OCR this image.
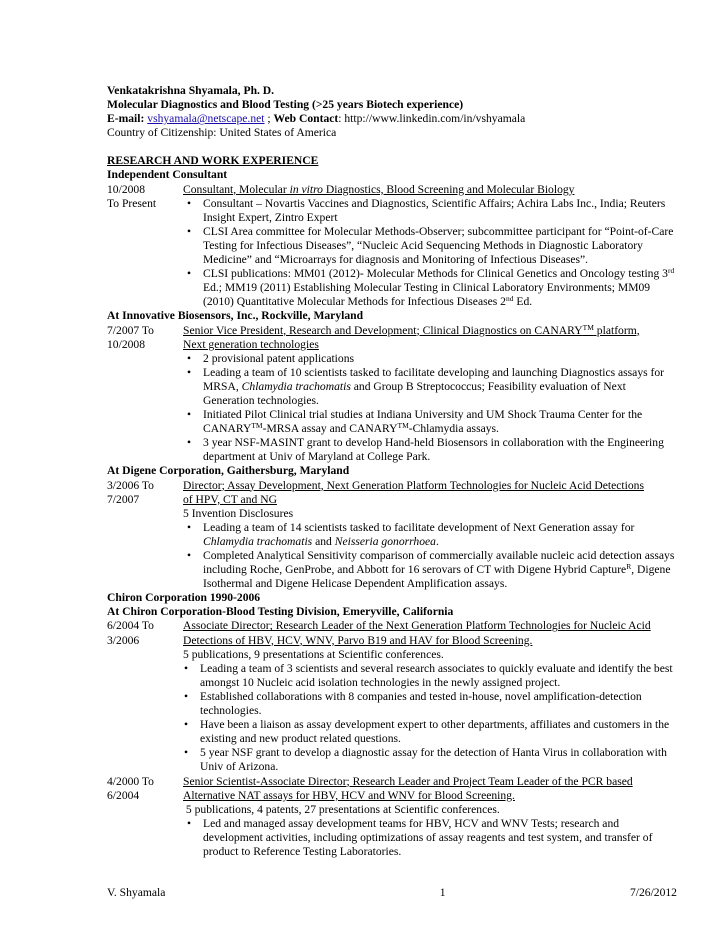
Venkatakrishna Shyamala, Ph. D.
Molecular Diagnostics and Blood Testing (>25 years Biotech experience)
E-mail: vshyamala@netscape.net ; Web Contact: http://www.linkedin.com/in/vshyamala
Country of Citizenship: United States of America
RESEARCH AND WORK EXPERIENCE
Independent Consultant
10/2008
To Present
Consultant, Molecular in vitro Diagnostics, Blood Screening and Molecular Biology
• Consultant – Novartis Vaccines and Diagnostics, Scientific Affairs; Achira Labs Inc., India; Reuters Insight Expert, Zintro Expert
• CLSI Area committee for Molecular Methods-Observer; subcommittee participant for “Point-of-Care Testing for Infectious Diseases”, “Nucleic Acid Sequencing Methods in Diagnostic Laboratory Medicine” and “Microarrays for diagnosis and Monitoring of Infectious Diseases”.
• CLSI publications: MM01 (2012)- Molecular Methods for Clinical Genetics and Oncology testing 3rd Ed.; MM19 (2011) Establishing Molecular Testing in Clinical Laboratory Environments; MM09 (2010) Quantitative Molecular Methods for Infectious Diseases 2nd Ed.
At Innovative Biosensors, Inc., Rockville, Maryland
7/2007 To
10/2008
Senior Vice President, Research and Development; Clinical Diagnostics on CANARY™ platform,
Next generation technologies
• 2 provisional patent applications
• Leading a team of 10 scientists tasked to facilitate developing and launching Diagnostics assays for MRSA, Chlamydia trachomatis and Group B Streptococcus; Feasibility evaluation of Next Generation technologies.
• Initiated Pilot Clinical trial studies at Indiana University and UM Shock Trauma Center for the CANARY™-MRSA assay and CANARY™-Chlamydia assays.
• 3 year NSF-MASINT grant to develop Hand-held Biosensors in collaboration with the Engineering department at Univ of Maryland at College Park.
At Digene Corporation, Gaithersburg, Maryland
3/2006 To
7/2007
Director; Assay Development, Next Generation Platform Technologies for Nucleic Acid Detections
of HPV, CT and NG
5 Invention Disclosures
• Leading a team of 14 scientists tasked to facilitate development of Next Generation assay for Chlamydia trachomatis and Neisseria gonorrhoea.
• Completed Analytical Sensitivity comparison of commercially available nucleic acid detection assays including Roche, GenProbe, and Abbott for 16 serovars of CT with Digene Hybrid Capture$^R$, Digene Isothermal and Digene Helicase Dependent Amplification assays.
Chiron Corporation 1990-2006
At Chiron Corporation-Blood Testing Division, Emeryville, California
6/2004 To
3/2006
Associate Director; Research Leader of the Next Generation Platform Technologies for Nucleic Acid
Detections of HBV, HCV, WNV, Parvo B19 and HAV for Blood Screening.
5 publications, 9 presentations at Scientific conferences.
• Leading a team of 3 scientists and several research associates to quickly evaluate and identify the best amongst 10 Nucleic acid isolation technologies in the newly assigned project.
• Established collaborations with 8 companies and tested in-house, novel amplification-detection technologies.
• Have been a liaison as assay development expert to other departments, affiliates and customers in the existing and new product related questions.
• 5 year NSF grant to develop a diagnostic assay for the detection of Hanta Virus in collaboration with Univ of Arizona.
4/2000 To
6/2004
Senior Scientist-Associate Director; Research Leader and Project Team Leader of the PCR based
Alternative NAT assays for HBV, HCV and WNV for Blood Screening.
5 publications, 4 patents, 27 presentations at Scientific conferences.
• Led and managed assay development teams for HBV, HCV and WNV Tests; research and development activities, including optimizations of assay reagents and test system, and transfer of product to Reference Testing Laboratories.
V. Shyamala	1	7/26/2012
